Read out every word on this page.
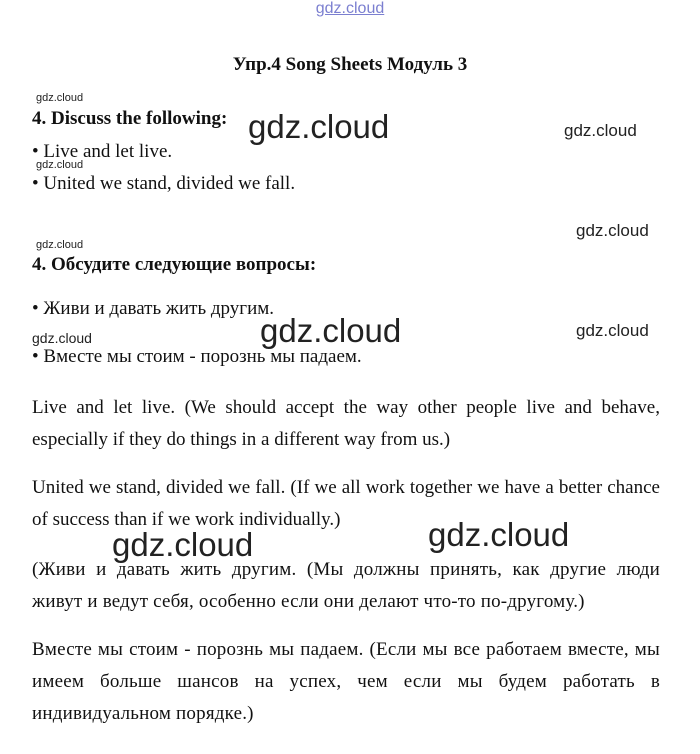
gdz.cloud
Упр.4 Song Sheets Модуль 3
4. Discuss the following:
• Live and let live.
• United we stand, divided we fall.
4. Обсудите следующие вопросы:
• Живи и давать жить другим.
• Вместе мы стоим - порознь мы падаем.
Live and let live. (We should accept the way other people live and behave, especially if they do things in a different way from us.)
United we stand, divided we fall. (If we all work together we have a better chance of success than if we work individually.)
(Живи и давать жить другим. (Мы должны принять, как другие люди живут и ведут себя, особенно если они делают что-то по-другому.)
Вместе мы стоим - порознь мы падаем. (Если мы все работаем вместе, мы имеем больше шансов на успех, чем если мы будем работать в индивидуальном порядке.)
gdz.cloud
gdz.cloud	gdz.cloud
gdz.cloud
gdz.cloud
gdz.cloud
gdz.cloud	gdz.cloud
gdz.cloud
gdz.cloud
gdz.cloud
